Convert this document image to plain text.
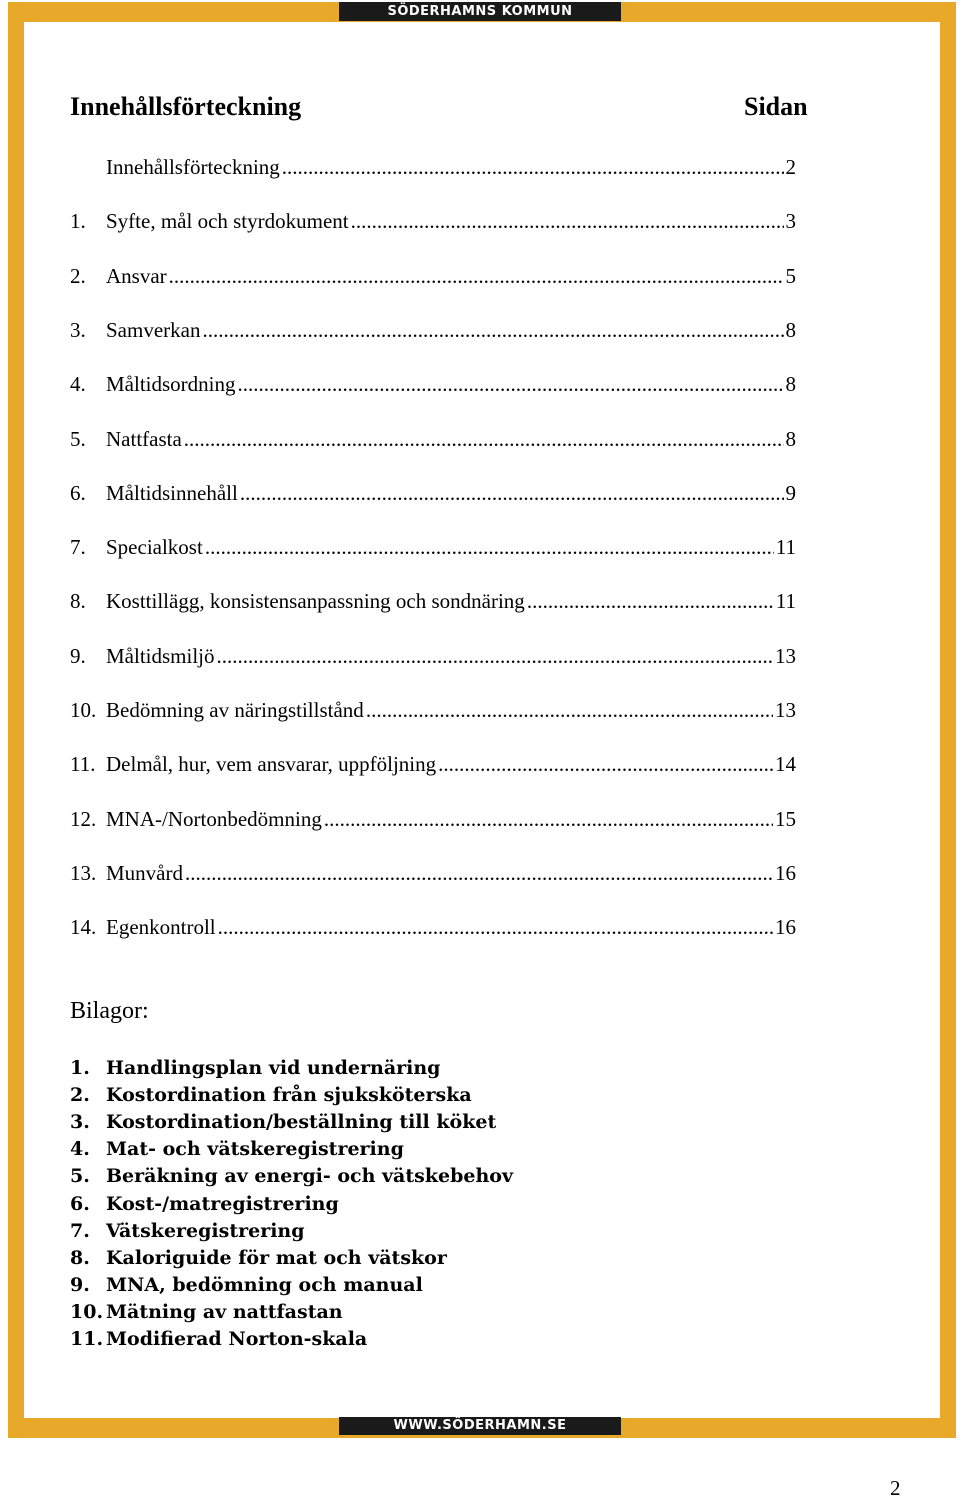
SÖDERHAMNS KOMMUN
WWW.SÖDERHAMN.SE
Innehållsförteckning	Sidan
Innehållsförteckning .....	2
1. Syfte, mål och styrdokument .....	3
2. Ansvar .....	5
3. Samverkan .....	8
4. Måltidsordning .....	8
5. Nattfasta .....	8
6. Måltidsinnehåll .....	9
7. Specialkost .....	11
8. Kosttillägg, konsistensanpassning och sondnäring .....	11
9. Måltidsmiljö .....	13
10. Bedömning av näringstillstånd .....	13
11. Delmål, hur, vem ansvarar, uppföljning .....	14
12. MNA-/Nortonbedömning .....	15
13. Munvård .....	16
14. Egenkontroll .....	16
Bilagor:
1. Handlingsplan vid undernäring
2. Kostordination från sjuksköterska
3. Kostordination/beställning till köket
4. Mat- och vätskeregistrering
5. Beräkning av energi- och vätskebehov
6. Kost-/matregistrering
7. Vätskeregistrering
8. Kaloriguide för mat och vätskor
9. MNA, bedömning och manual
10. Mätning av nattfastan
11. Modifierad Norton-skala
2
